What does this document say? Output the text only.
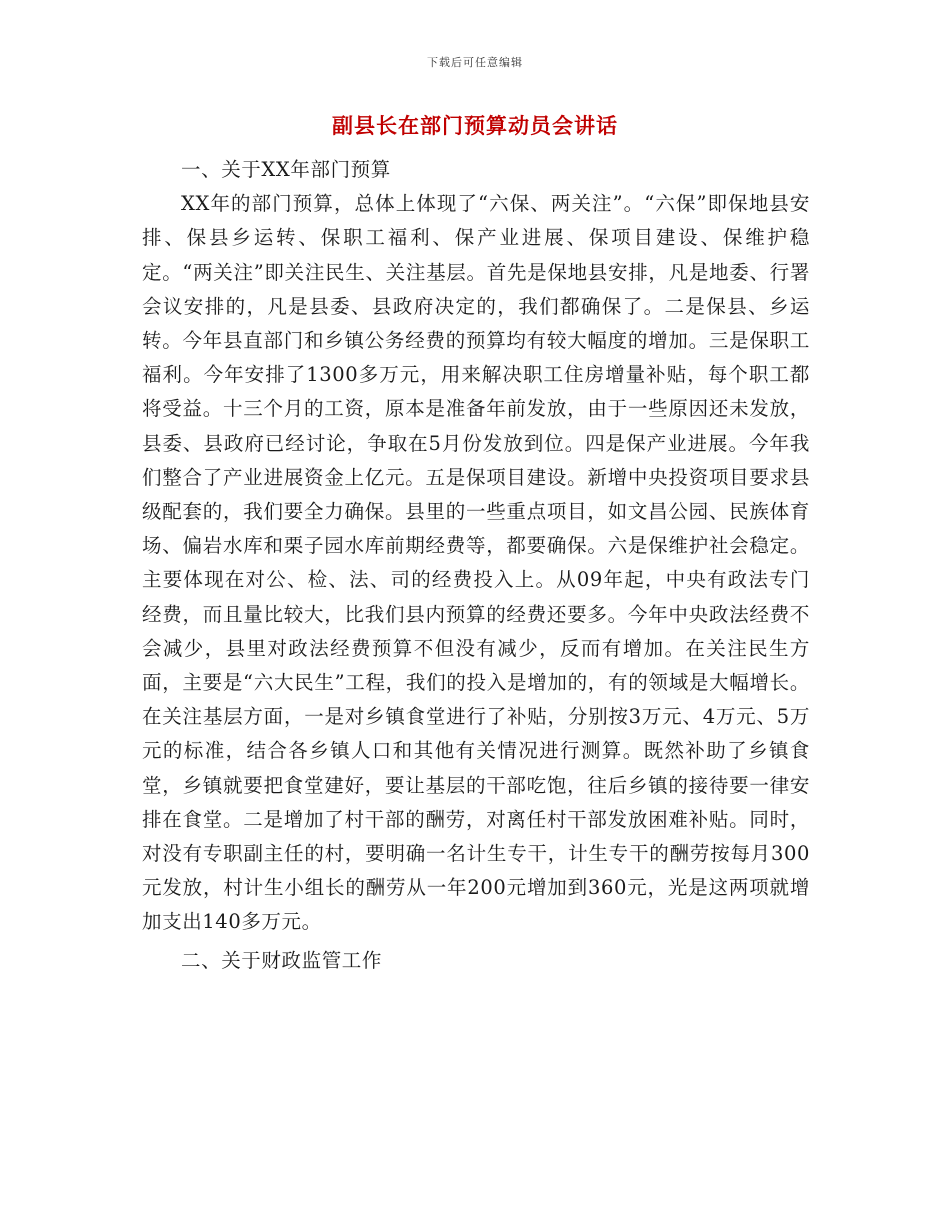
下载后可任意编辑
副县长在部门预算动员会讲话

一、关于XX年部门预算

XX年的部门预算，总体上体现了“六保、两关注”。“六保”即保地县安排、保县乡运转、保职工福利、保产业进展、保项目建设、保维护稳定。“两关注”即关注民生、关注基层。首先是保地县安排，凡是地委、行署会议安排的，凡是县委、县政府决定的，我们都确保了。二是保县、乡运转。今年县直部门和乡镇公务经费的预算均有较大幅度的增加。三是保职工福利。今年安排了1300多万元，用来解决职工住房增量补贴，每个职工都将受益。十三个月的工资，原本是准备年前发放，由于一些原因还未发放，县委、县政府已经讨论，争取在5月份发放到位。四是保产业进展。今年我们整合了产业进展资金上亿元。五是保项目建设。新增中央投资项目要求县级配套的，我们要全力确保。县里的一些重点项目，如文昌公园、民族体育场、偏岩水库和栗子园水库前期经费等，都要确保。六是保维护社会稳定。主要体现在对公、检、法、司的经费投入上。从09年起，中央有政法专门经费，而且量比较大，比我们县内预算的经费还要多。今年中央政法经费不会减少，县里对政法经费预算不但没有减少，反而有增加。在关注民生方面，主要是“六大民生”工程，我们的投入是增加的，有的领域是大幅增长。在关注基层方面，一是对乡镇食堂进行了补贴，分别按3万元、4万元、5万元的标准，结合各乡镇人口和其他有关情况进行测算。既然补助了乡镇食堂，乡镇就要把食堂建好，要让基层的干部吃饱，往后乡镇的接待要一律安排在食堂。二是增加了村干部的酬劳，对离任村干部发放困难补贴。同时，对没有专职副主任的村，要明确一名计生专干，计生专干的酬劳按每月300元发放，村计生小组长的酬劳从一年200元增加到360元，光是这两项就增加支出140多万元。

二、关于财政监管工作
